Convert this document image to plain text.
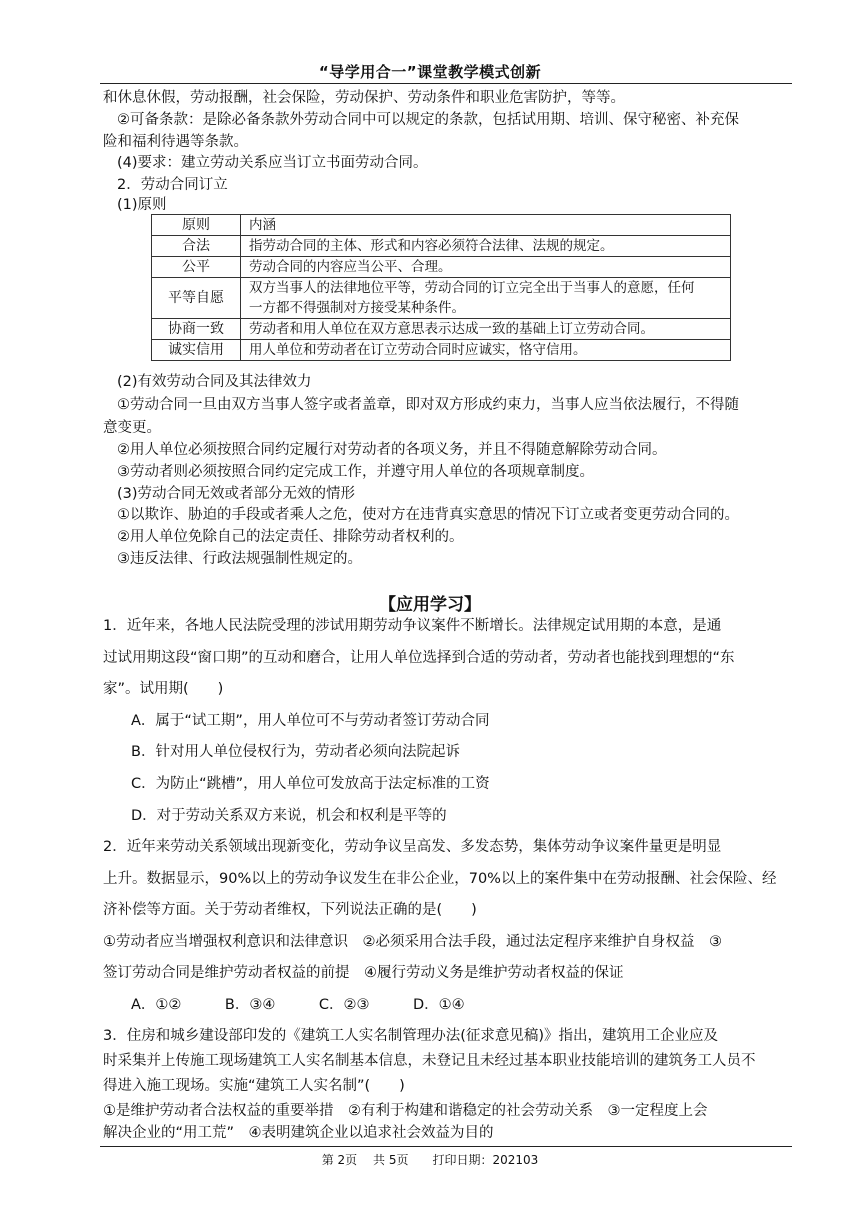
“导学用合一”课堂教学模式创新
和休息休假，劳动报酬，社会保险，劳动保护、劳动条件和职业危害防护，等等。
②可备条款：是除必备条款外劳动合同中可以规定的条款，包括试用期、培训、保守秘密、补充保
险和福利待遇等条款。
(4)要求：建立劳动关系应当订立书面劳动合同。
2．劳动合同订立
(1)原则
原则	内涵
合法	指劳动合同的主体、形式和内容必须符合法律、法规的规定。
公平	劳动合同的内容应当公平、合理。
平等自愿	双方当事人的法律地位平等，劳动合同的订立完全出于当事人的意愿，任何
一方都不得强制对方接受某种条件。

协商一致	劳动者和用人单位在双方意思表示达成一致的基础上订立劳动合同。
诚实信用	用人单位和劳动者在订立劳动合同时应诚实，恪守信用。
(2)有效劳动合同及其法律效力
①劳动合同一旦由双方当事人签字或者盖章，即对双方形成约束力，当事人应当依法履行，不得随
意变更。
②用人单位必须按照合同约定履行对劳动者的各项义务，并且不得随意解除劳动合同。
③劳动者则必须按照合同约定完成工作，并遵守用人单位的各项规章制度。
(3)劳动合同无效或者部分无效的情形
①以欺诈、胁迫的手段或者乘人之危，使对方在违背真实意思的情况下订立或者变更劳动合同的。
②用人单位免除自己的法定责任、排除劳动者权利的。
③违反法律、行政法规强制性规定的。
【应用学习】
1．近年来，各地人民法院受理的涉试用期劳动争议案件不断增长。法律规定试用期的本意，是通
过试用期这段“窗口期”的互动和磨合，让用人单位选择到合适的劳动者，劳动者也能找到理想的“东
家”。试用期(　　)
A．属于“试工期”，用人单位可不与劳动者签订劳动合同
B．针对用人单位侵权行为，劳动者必须向法院起诉
C．为防止“跳槽”，用人单位可发放高于法定标准的工资
D．对于劳动关系双方来说，机会和权利是平等的
2．近年来劳动关系领域出现新变化，劳动争议呈高发、多发态势，集体劳动争议案件量更是明显
上升。数据显示，90%以上的劳动争议发生在非公企业，70%以上的案件集中在劳动报酬、社会保险、经
济补偿等方面。关于劳动者维权，下列说法正确的是(　　)
①劳动者应当增强权利意识和法律意识　②必须采用合法手段，通过法定程序来维护自身权益　③
签订劳动合同是维护劳动者权益的前提　④履行劳动义务是维护劳动者权益的保证
A．①②　　　B．③④　　　C．②③　　　D．①④
3．住房和城乡建设部印发的《建筑工人实名制管理办法(征求意见稿)》指出，建筑用工企业应及
时采集并上传施工现场建筑工人实名制基本信息，未登记且未经过基本职业技能培训的建筑务工人员不
第 2页　 共 5页　　打印日期：202103
得进入施工现场。实施“建筑工人实名制”(　　)
①是维护劳动者合法权益的重要举措　②有利于构建和谐稳定的社会劳动关系　③一定程度上会
解决企业的“用工荒”　④表明建筑企业以追求社会效益为目的
